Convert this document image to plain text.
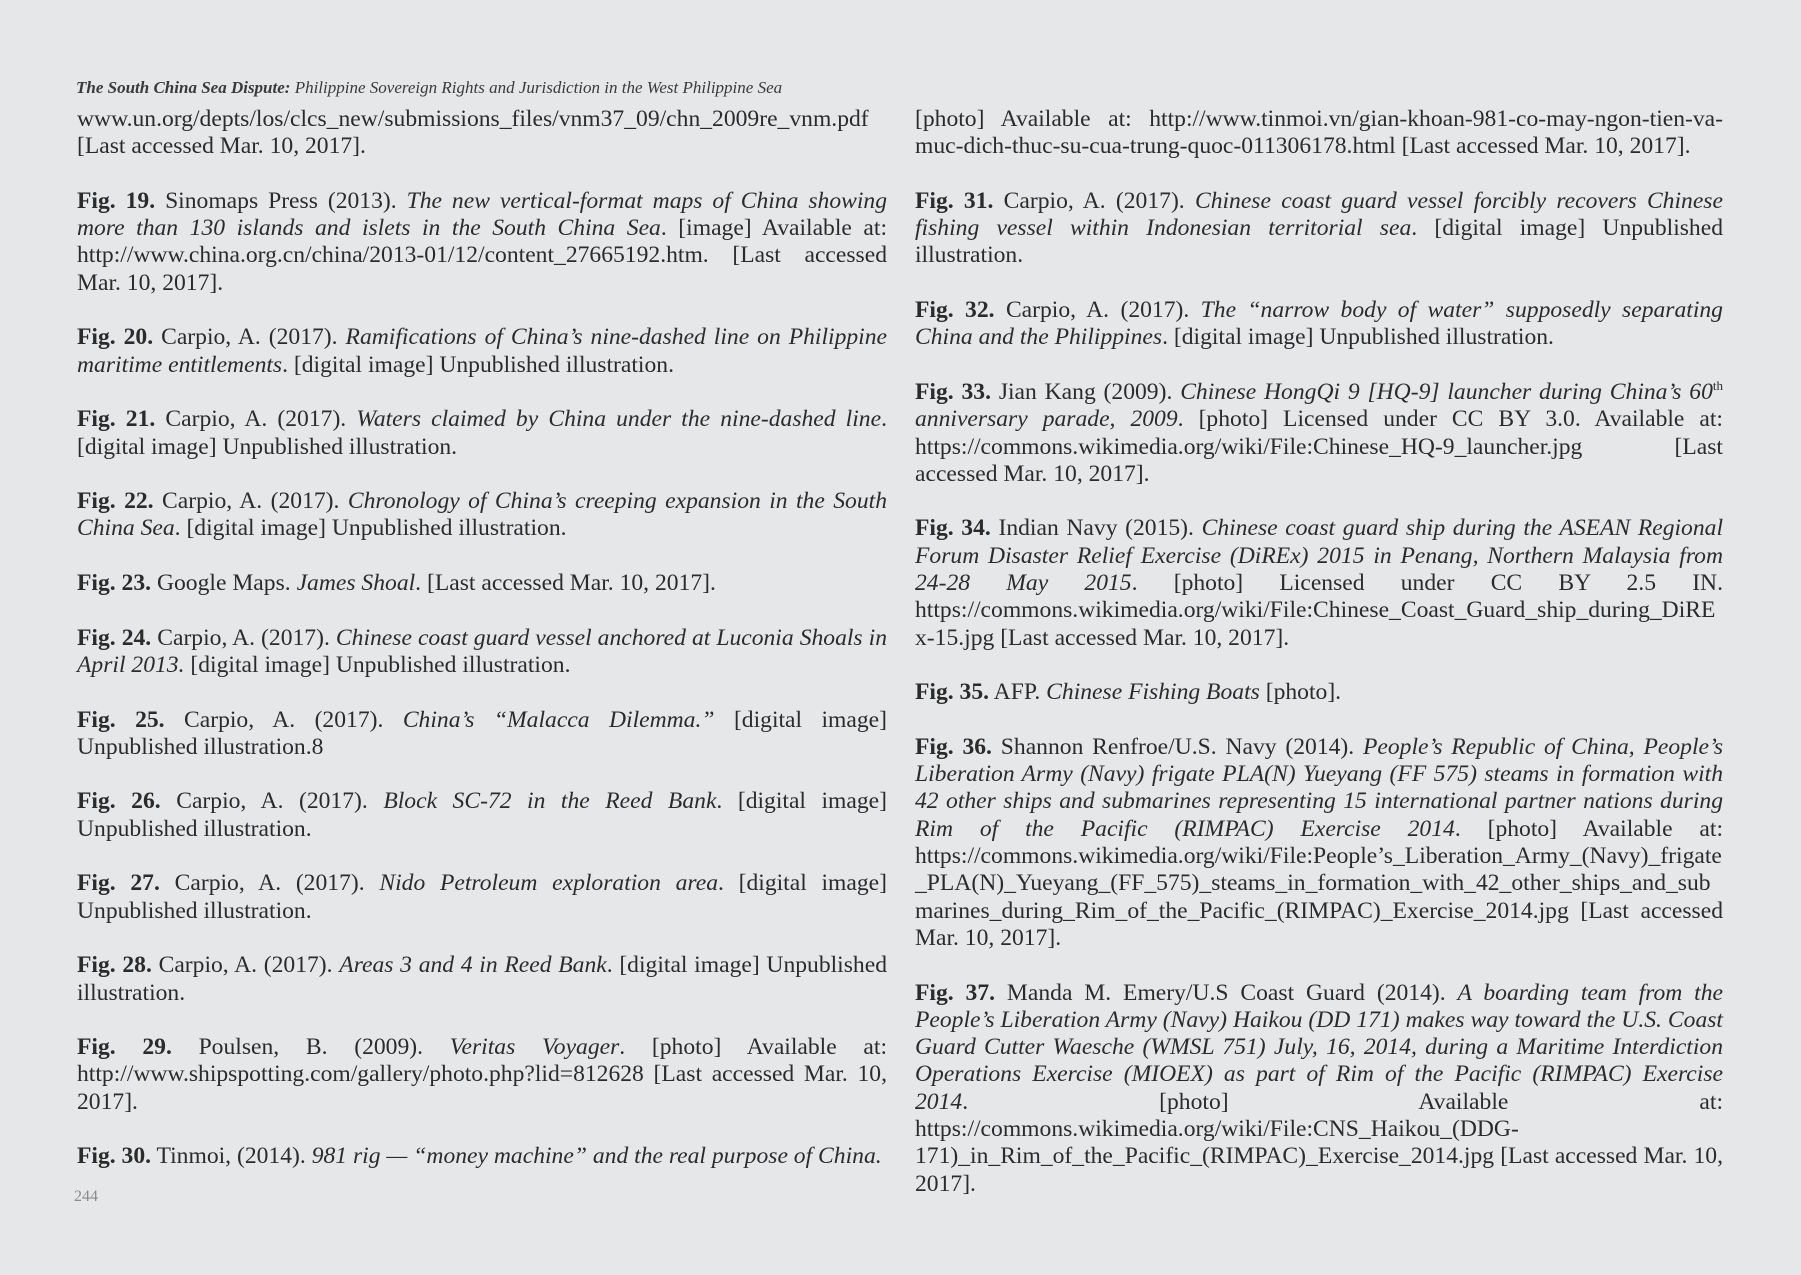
The South China Sea Dispute: Philippine Sovereign Rights and Jurisdiction in the West Philippine Sea

www.un.org/depts/los/clcs_new/submissions_files/vnm37_09/chn_2009re_vnm.pdf [Last accessed Mar. 10, 2017].

Fig. 19. Sinomaps Press (2013). The new vertical-format maps of China showing more than 130 islands and islets in the South China Sea. [image] Available at: http://www.china.org.cn/china/2013-01/12/content_27665192.htm. [Last accessed Mar. 10, 2017].

Fig. 20. Carpio, A. (2017). Ramifications of China’s nine-dashed line on Philippine maritime entitlements. [digital image] Unpublished illustration.

Fig. 21. Carpio, A. (2017). Waters claimed by China under the nine-dashed line. [digital image] Unpublished illustration.

Fig. 22. Carpio, A. (2017). Chronology of China’s creeping expansion in the South China Sea. [digital image] Unpublished illustration.

Fig. 23. Google Maps. James Shoal. [Last accessed Mar. 10, 2017].

Fig. 24. Carpio, A. (2017). Chinese coast guard vessel anchored at Luconia Shoals in April 2013. [digital image] Unpublished illustration.

Fig. 25. Carpio, A. (2017). China’s “Malacca Dilemma.” [digital image] Unpublished illustration.8

Fig. 26. Carpio, A. (2017). Block SC-72 in the Reed Bank. [digital image] Unpublished illustration.

Fig. 27. Carpio, A. (2017). Nido Petroleum exploration area. [digital image] Unpublished illustration.

Fig. 28. Carpio, A. (2017). Areas 3 and 4 in Reed Bank. [digital image] Unpublished illustration.

Fig. 29. Poulsen, B. (2009). Veritas Voyager. [photo] Available at: http://www.shipspotting.com/gallery/photo.php?lid=812628 [Last accessed Mar. 10, 2017].

Fig. 30. Tinmoi, (2014). 981 rig — “money machine” and the real purpose of China.

[photo] Available at: http://www.tinmoi.vn/gian-khoan-981-co-may-ngon-tien-va-muc-dich-thuc-su-cua-trung-quoc-011306178.html [Last accessed Mar. 10, 2017].

Fig. 31. Carpio, A. (2017). Chinese coast guard vessel forcibly recovers Chinese fishing vessel within Indonesian territorial sea. [digital image] Unpublished illustration.

Fig. 32. Carpio, A. (2017). The “narrow body of water” supposedly separating China and the Philippines. [digital image] Unpublished illustration.

Fig. 33. Jian Kang (2009). Chinese HongQi 9 [HQ-9] launcher during China’s 60th anniversary parade, 2009. [photo] Licensed under CC BY 3.0. Available at: https://commons.wikimedia.org/wiki/File:Chinese_HQ-9_launcher.jpg [Last accessed Mar. 10, 2017].

Fig. 34. Indian Navy (2015). Chinese coast guard ship during the ASEAN Regional Forum Disaster Relief Exercise (DiREx) 2015 in Penang, Northern Malaysia from 24-28 May 2015. [photo] Licensed under CC BY 2.5 IN. https://commons.wikimedia.org/wiki/File:Chinese_Coast_Guard_ship_during_DiREx-15.jpg [Last accessed Mar. 10, 2017].

Fig. 35. AFP. Chinese Fishing Boats [photo].

Fig. 36. Shannon Renfroe/U.S. Navy (2014). People’s Republic of China, People’s Liberation Army (Navy) frigate PLA(N) Yueyang (FF 575) steams in formation with 42 other ships and submarines representing 15 international partner nations during Rim of the Pacific (RIMPAC) Exercise 2014. [photo] Available at: https://commons.wikimedia.org/wiki/File:People’s_Liberation_Army_(Navy)_frigate_PLA(N)_Yueyang_(FF_575)_steams_in_formation_with_42_other_ships_and_submarines_during_Rim_of_the_Pacific_(RIMPAC)_Exercise_2014.jpg [Last accessed Mar. 10, 2017].

Fig. 37. Manda M. Emery/U.S Coast Guard (2014). A boarding team from the People’s Liberation Army (Navy) Haikou (DD 171) makes way toward the U.S. Coast Guard Cutter Waesche (WMSL 751) July, 16, 2014, during a Maritime Interdiction Operations Exercise (MIOEX) as part of Rim of the Pacific (RIMPAC) Exercise 2014. [photo] Available at: https://commons.wikimedia.org/wiki/File:CNS_Haikou_(DDG-171)_in_Rim_of_the_Pacific_(RIMPAC)_Exercise_2014.jpg [Last accessed Mar. 10, 2017].

244
